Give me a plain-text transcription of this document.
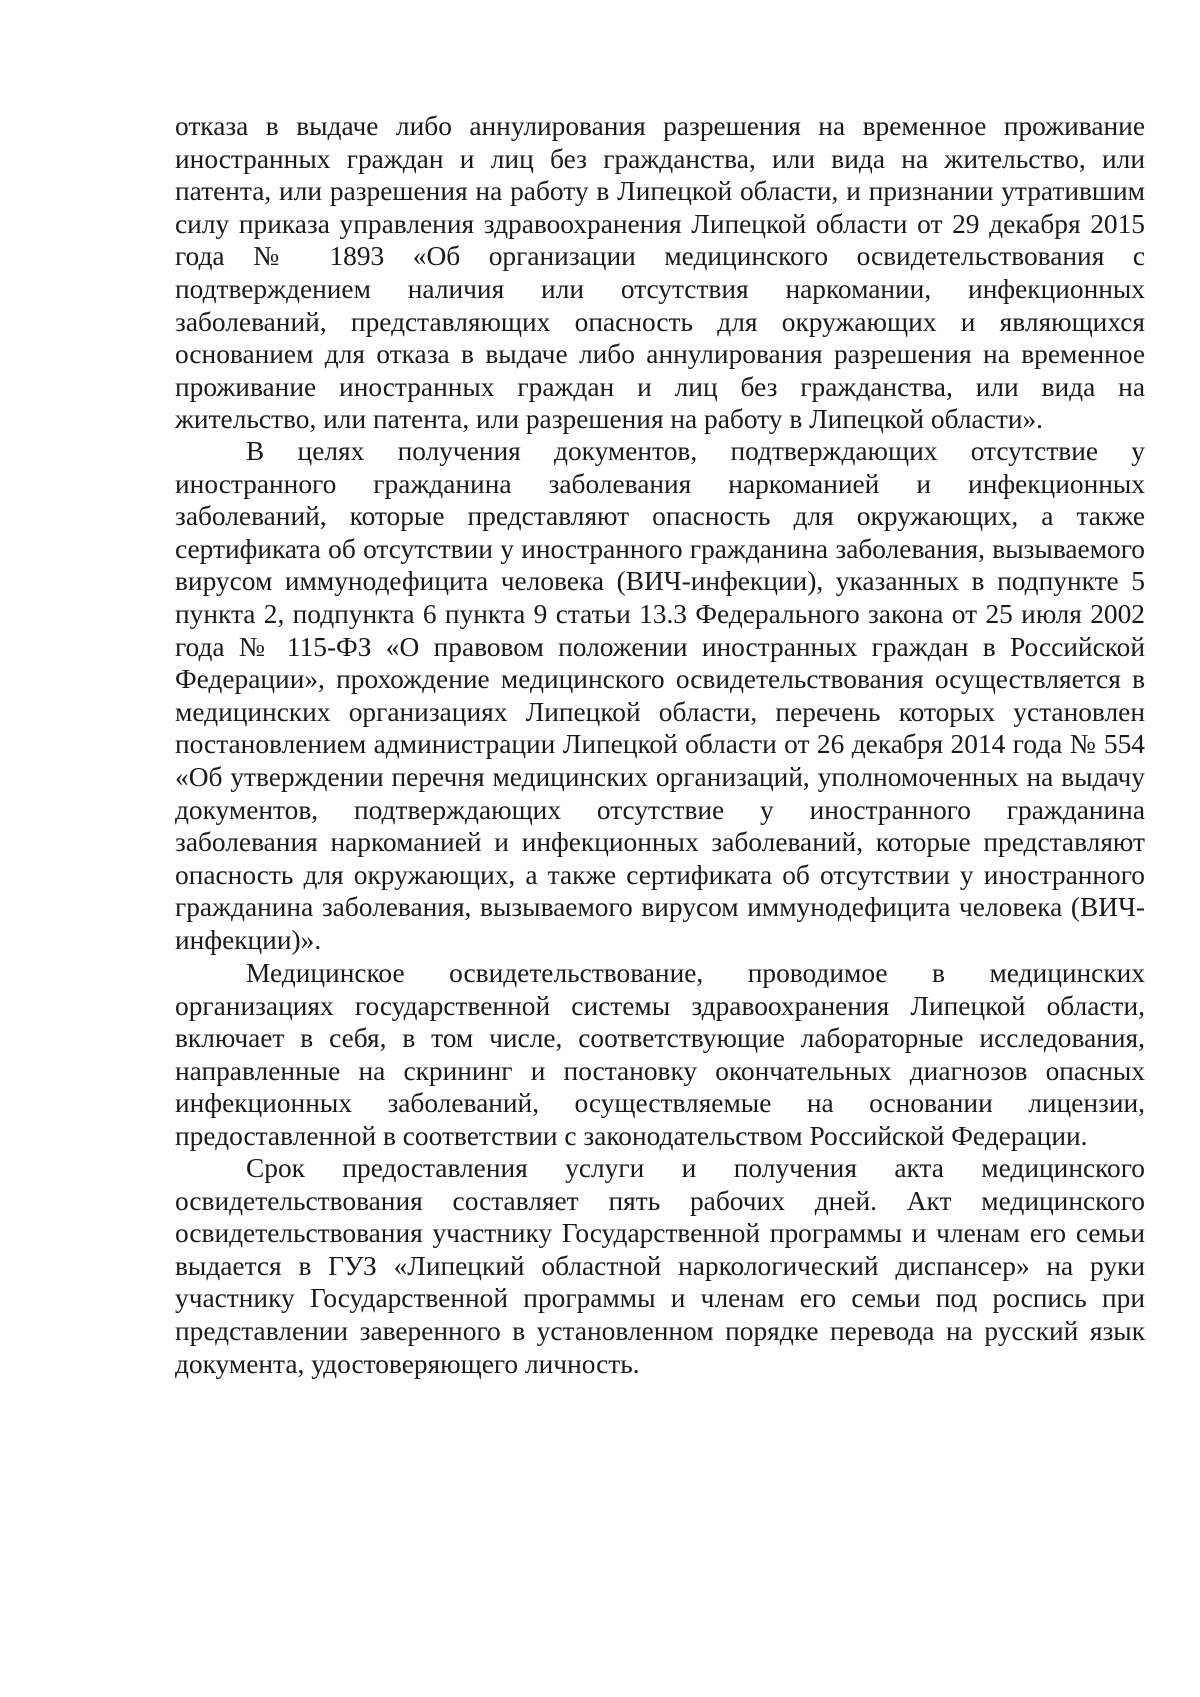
отказа в выдаче либо аннулирования разрешения на временное проживание иностранных граждан и лиц без гражданства, или вида на жительство, или патента, или разрешения на работу в Липецкой области, и признании утратившим силу приказа управления здравоохранения Липецкой области от 29 декабря 2015 года № 1893 «Об организации медицинского освидетельствования с подтверждением наличия или отсутствия наркомании, инфекционных заболеваний, представляющих опасность для окружающих и являющихся основанием для отказа в выдаче либо аннулирования разрешения на временное проживание иностранных граждан и лиц без гражданства, или вида на жительство, или патента, или разрешения на работу в Липецкой области».

В целях получения документов, подтверждающих отсутствие у иностранного гражданина заболевания наркоманией и инфекционных заболеваний, которые представляют опасность для окружающих, а также сертификата об отсутствии у иностранного гражданина заболевания, вызываемого вирусом иммунодефицита человека (ВИЧ-инфекции), указанных в подпункте 5 пункта 2, подпункта 6 пункта 9 статьи 13.3 Федерального закона от 25 июля 2002 года № 115-ФЗ «О правовом положении иностранных граждан в Российской Федерации», прохождение медицинского освидетельствования осуществляется в медицинских организациях Липецкой области, перечень которых установлен постановлением администрации Липецкой области от 26 декабря 2014 года № 554 «Об утверждении перечня медицинских организаций, уполномоченных на выдачу документов, подтверждающих отсутствие у иностранного гражданина заболевания наркоманией и инфекционных заболеваний, которые представляют опасность для окружающих, а также сертификата об отсутствии у иностранного гражданина заболевания, вызываемого вирусом иммунодефицита человека (ВИЧ-инфекции)».

Медицинское освидетельствование, проводимое в медицинских организациях государственной системы здравоохранения Липецкой области, включает в себя, в том числе, соответствующие лабораторные исследования, направленные на скрининг и постановку окончательных диагнозов опасных инфекционных заболеваний, осуществляемые на основании лицензии, предоставленной в соответствии с законодательством Российской Федерации.

Срок предоставления услуги и получения акта медицинского освидетельствования составляет пять рабочих дней. Акт медицинского освидетельствования участнику Государственной программы и членам его семьи выдается в ГУЗ «Липецкий областной наркологический диспансер» на руки участнику Государственной программы и членам его семьи под роспись при представлении заверенного в установленном порядке перевода на русский язык документа, удостоверяющего личность.
